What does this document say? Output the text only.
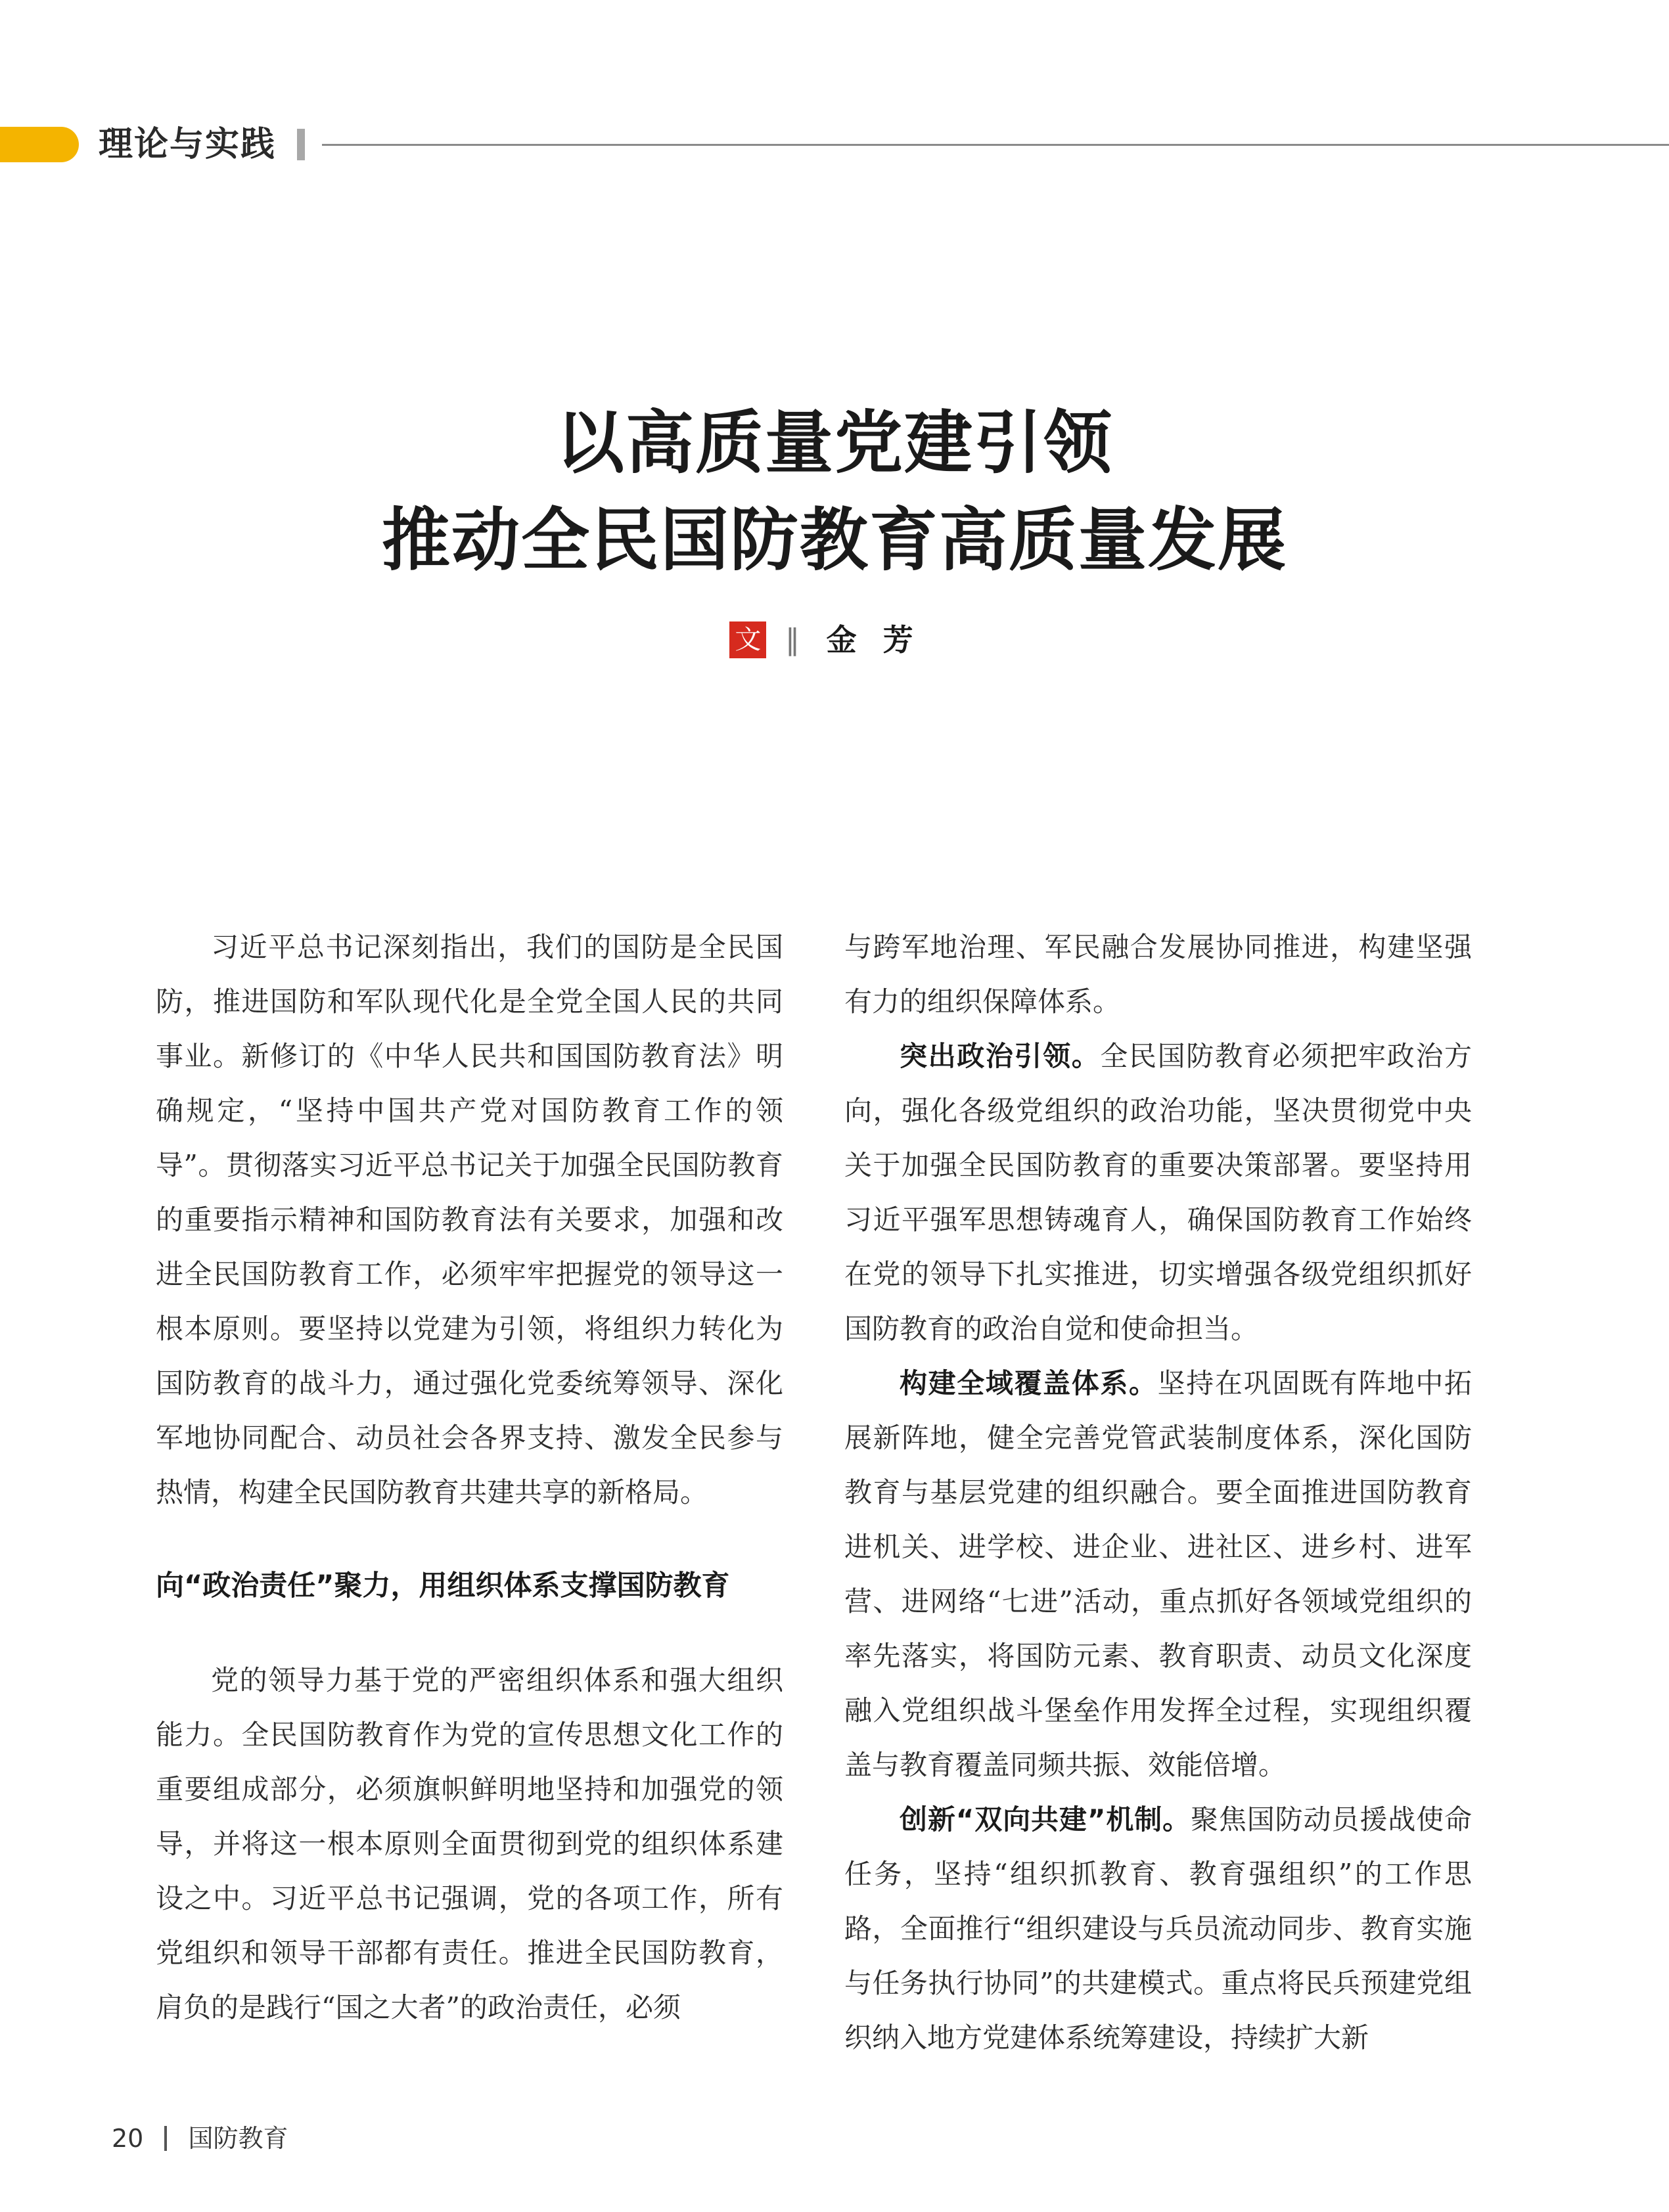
理论与实践
以高质量党建引领
推动全民国防教育高质量发展
文 ‖ 金芳

习近平总书记深刻指出，我们的国防是全民国防，推进国防和军队现代化是全党全国人民的共同事业。新修订的《中华人民共和国国防教育法》明确规定，“坚持中国共产党对国防教育工作的领导”。贯彻落实习近平总书记关于加强全民国防教育的重要指示精神和国防教育法有关要求，加强和改进全民国防教育工作，必须牢牢把握党的领导这一根本原则。要坚持以党建为引领，将组织力转化为国防教育的战斗力，通过强化党委统筹领导、深化军地协同配合、动员社会各界支持、激发全民参与热情，构建全民国防教育共建共享的新格局。

向“政治责任”聚力，用组织体系支撑国防教育

党的领导力基于党的严密组织体系和强大组织能力。全民国防教育作为党的宣传思想文化工作的重要组成部分，必须旗帜鲜明地坚持和加强党的领导，并将这一根本原则全面贯彻到党的组织体系建设之中。习近平总书记强调，党的各项工作，所有党组织和领导干部都有责任。推进全民国防教育，肩负的是践行“国之大者”的政治责任，必须

与跨军地治理、军民融合发展协同推进，构建坚强有力的组织保障体系。

突出政治引领。全民国防教育必须把牢政治方向，强化各级党组织的政治功能，坚决贯彻党中央关于加强全民国防教育的重要决策部署。要坚持用习近平强军思想铸魂育人，确保国防教育工作始终在党的领导下扎实推进，切实增强各级党组织抓好国防教育的政治自觉和使命担当。

构建全域覆盖体系。坚持在巩固既有阵地中拓展新阵地，健全完善党管武装制度体系，深化国防教育与基层党建的组织融合。要全面推进国防教育进机关、进学校、进企业、进社区、进乡村、进军营、进网络“七进”活动，重点抓好各领域党组织的率先落实，将国防元素、教育职责、动员文化深度融入党组织战斗堡垒作用发挥全过程，实现组织覆盖与教育覆盖同频共振、效能倍增。

创新“双向共建”机制。聚焦国防动员援战使命任务，坚持“组织抓教育、教育强组织”的工作思路，全面推行“组织建设与兵员流动同步、教育实施与任务执行协同”的共建模式。重点将民兵预建党组织纳入地方党建体系统筹建设，持续扩大新

20 国防教育
